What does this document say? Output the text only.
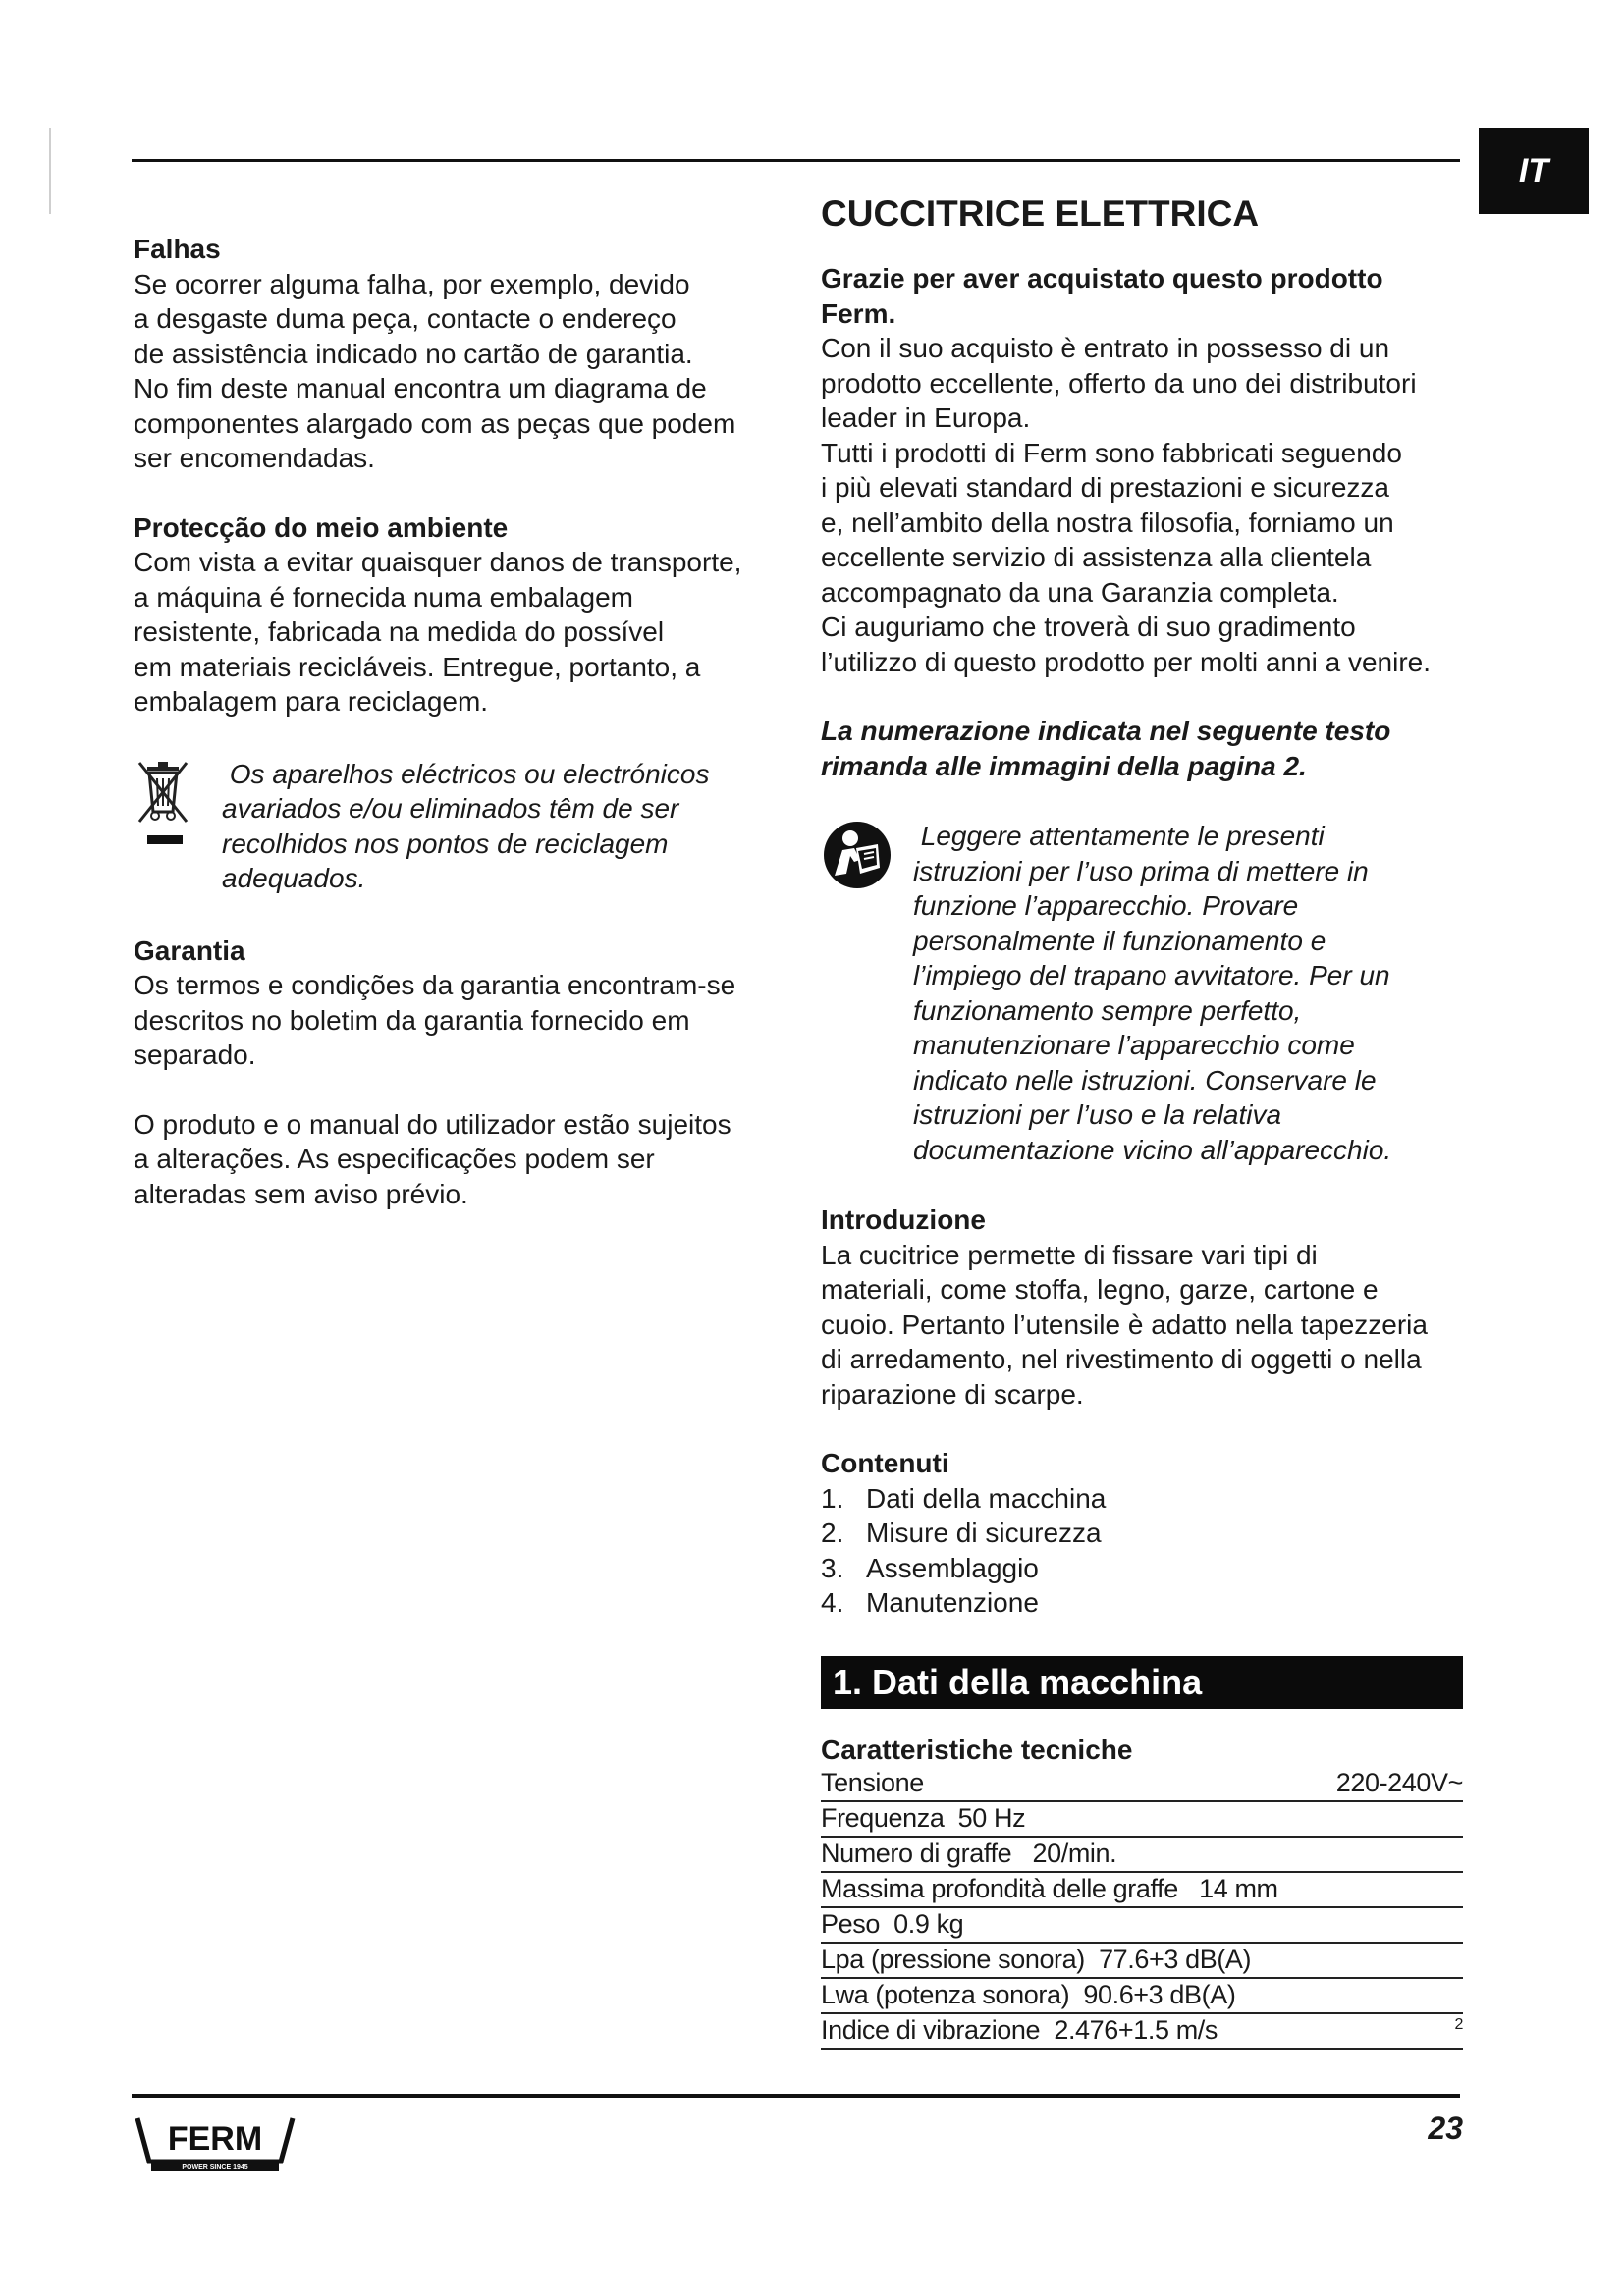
IT

Falhas

Se ocorrer alguma falha, por exemplo, devido

a desgaste duma peça, contacte o endereço

de assistência indicado no cartão de garantia.

No fim deste manual encontra um diagrama de

componentes alargado com as peças que podem

ser encomendadas.

Protecção do meio ambiente

Com vista a evitar quaisquer danos de transporte,

a máquina é fornecida numa embalagem

resistente, fabricada na medida do possível

em materiais recicláveis. Entregue, portanto, a

embalagem para reciclagem.

Os aparelhos eléctricos ou electrónicos

avariados e/ou eliminados têm de ser

recolhidos nos pontos de reciclagem

adequados.

Garantia

Os termos e condições da garantia encontram-se

descritos no boletim da garantia fornecido em

separado.

O produto e o manual do utilizador estão sujeitos

a alterações. As especificações podem ser

alteradas sem aviso prévio.

CUCCITRICE ELETTRICA

Grazie per aver acquistato questo prodotto

Ferm.

Con il suo acquisto è entrato in possesso di un

prodotto eccellente, offerto da uno dei distributori

leader in Europa.

Tutti i prodotti di Ferm sono fabbricati seguendo

i più elevati standard di prestazioni e sicurezza

e, nell’ambito della nostra filosofia, forniamo un

eccellente servizio di assistenza alla clientela

accompagnato da una Garanzia completa.

Ci auguriamo che troverà di suo gradimento

l’utilizzo di questo prodotto per molti anni a venire.

La numerazione indicata nel seguente testo

rimanda alle immagini della pagina 2.

Leggere attentamente le presenti

istruzioni per l’uso prima di mettere in

funzione l’apparecchio. Provare

personalmente il funzionamento e

l’impiego del trapano avvitatore. Per un

funzionamento sempre perfetto,

manutenzionare l’apparecchio come

indicato nelle istruzioni. Conservare le

istruzioni per l’uso e la relativa

documentazione vicino all’apparecchio.

Introduzione

La cucitrice permette di fissare vari tipi di

materiali, come stoffa, legno, garze, cartone e

cuoio. Pertanto l’utensile è adatto nella tapezzeria

di arredamento, nel rivestimento di oggetti o nella

riparazione di scarpe.

Contenuti

1. Dati della macchina
2. Misure di sicurezza
3. Assemblaggio
4. Manutenzione
1. Dati della macchina

Caratteristiche tecniche

Tensione	220-240V~
Frequenza  50 Hz
Numero di graffe   20/min.
Massima profondità delle graffe   14 mm
Peso  0.9 kg
Lpa (pressione sonora)  77.6+3 dB(A)
Lwa (potenza sonora)  90.6+3 dB(A)
Indice di vibrazione  2.476+1.5 m/s	$^2$
FERM
POWER SINCE 1945
23
